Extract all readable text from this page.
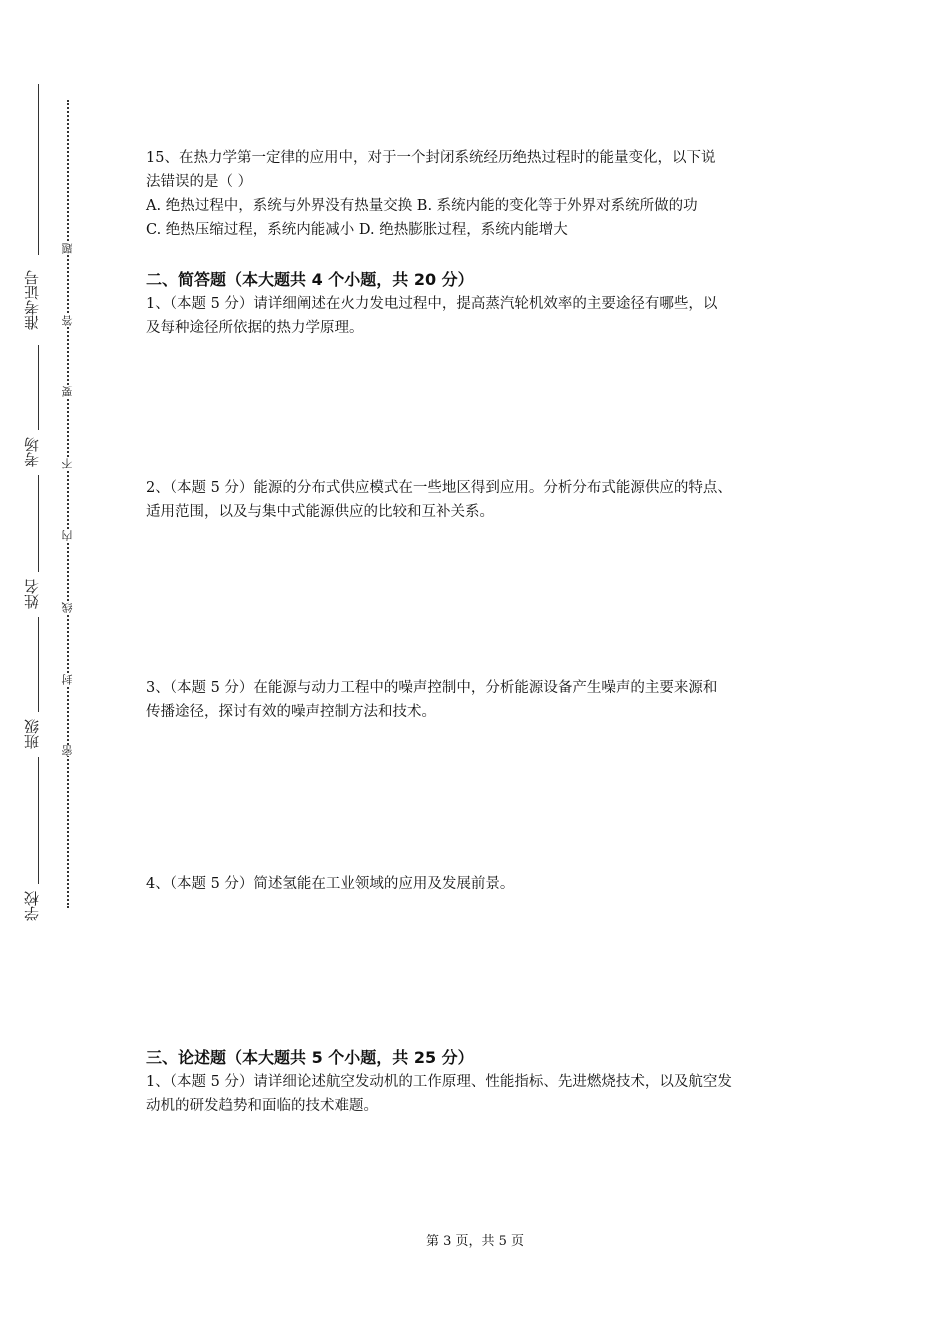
准考证号
考场
姓名
班级
学校
题
答
要
不
内
线
封
密

15、在热力学第一定律的应用中，对于一个封闭系统经历绝热过程时的能量变化，以下说

法错误的是（ ）

A. 绝热过程中，系统与外界没有热量交换 B. 系统内能的变化等于外界对系统所做的功

C. 绝热压缩过程，系统内能减小 D. 绝热膨胀过程，系统内能增大

二、简答题（本大题共 4 个小题，共 20 分）

1、（本题 5 分）请详细阐述在火力发电过程中，提高蒸汽轮机效率的主要途径有哪些，以

及每种途径所依据的热力学原理。

2、（本题 5 分）能源的分布式供应模式在一些地区得到应用。分析分布式能源供应的特点、

适用范围，以及与集中式能源供应的比较和互补关系。

3、（本题 5 分）在能源与动力工程中的噪声控制中，分析能源设备产生噪声的主要来源和

传播途径，探讨有效的噪声控制方法和技术。

4、（本题 5 分）简述氢能在工业领域的应用及发展前景。

三、论述题（本大题共 5 个小题，共 25 分）

1、（本题 5 分）请详细论述航空发动机的工作原理、性能指标、先进燃烧技术，以及航空发

动机的研发趋势和面临的技术难题。

第 3 页，共 5 页
